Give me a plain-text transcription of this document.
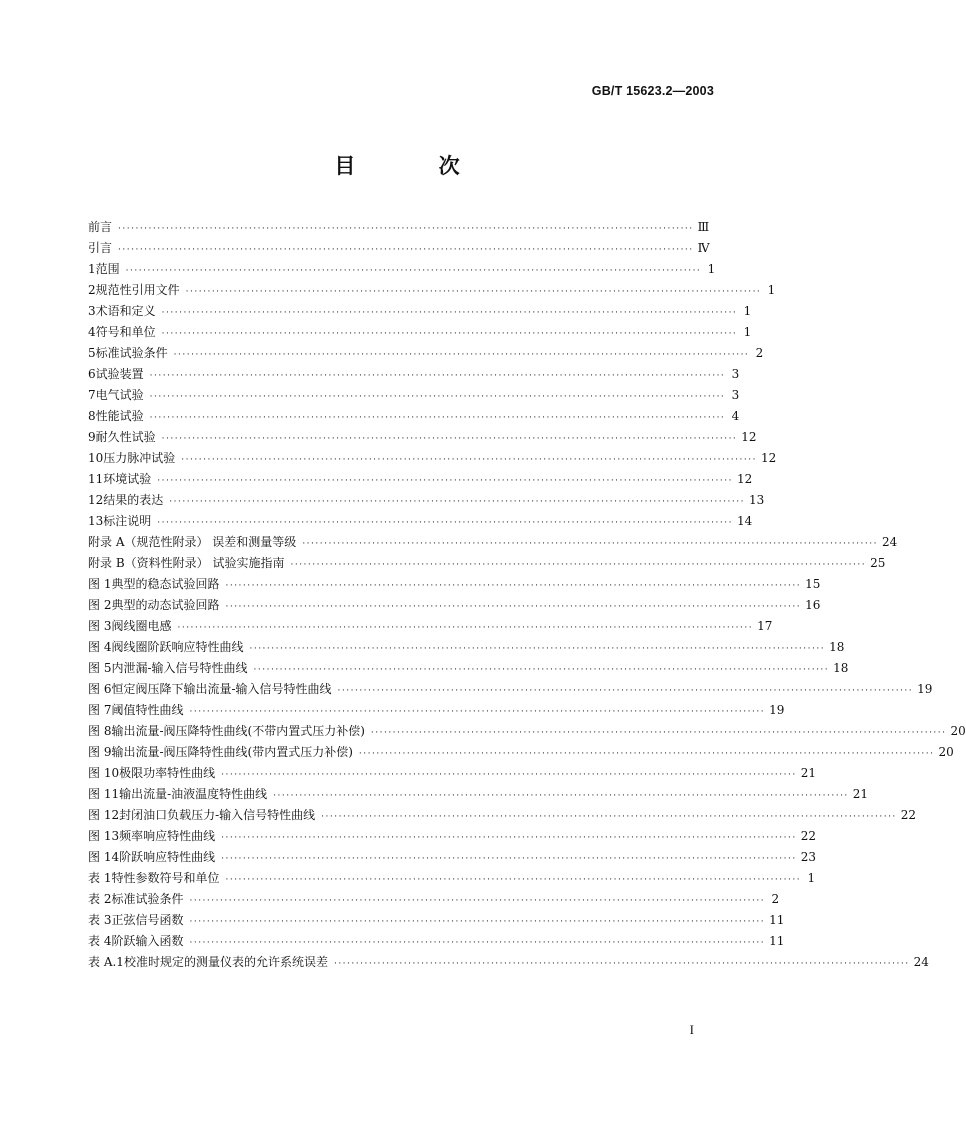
GB/T 15623.2—2003
目 次
前言 ···································································································································· Ⅲ
引言 ···································································································································· Ⅳ
1 范围 ···································································································································· 1
2 规范性引用文件 ···································································································································· 1
3 术语和定义 ···································································································································· 1
4 符号和单位 ···································································································································· 1
5 标准试验条件 ···································································································································· 2
6 试验装置 ···································································································································· 3
7 电气试验 ···································································································································· 3
8 性能试验 ···································································································································· 4
9 耐久性试验 ···································································································································· 12
10 压力脉冲试验 ···································································································································· 12
11 环境试验 ···································································································································· 12
12 结果的表达 ···································································································································· 13
13 标注说明 ···································································································································· 14
附录 A （规范性附录） 误差和测量等级 ···································································································································· 24
附录 B （资料性附录） 试验实施指南 ···································································································································· 25
图 1 典型的稳态试验回路 ···································································································································· 15
图 2 典型的动态试验回路 ···································································································································· 16
图 3 阀线圈电感 ···································································································································· 17
图 4 阀线圈阶跃响应特性曲线 ···································································································································· 18
图 5 内泄漏-输入信号特性曲线 ···································································································································· 18
图 6 恒定阀压降下输出流量-输入信号特性曲线 ···································································································································· 19
图 7 阈值特性曲线 ···································································································································· 19
图 8 输出流量-阀压降特性曲线(不带内置式压力补偿) ···································································································································· 20
图 9 输出流量-阀压降特性曲线(带内置式压力补偿) ···································································································································· 20
图 10 极限功率特性曲线 ···································································································································· 21
图 11 输出流量-油液温度特性曲线 ···································································································································· 21
图 12 封闭油口负载压力-输入信号特性曲线 ···································································································································· 22
图 13 频率响应特性曲线 ···································································································································· 22
图 14 阶跃响应特性曲线 ···································································································································· 23
表 1 特性参数符号和单位 ···································································································································· 1
表 2 标准试验条件 ···································································································································· 2
表 3 正弦信号函数 ···································································································································· 11
表 4 阶跃输入函数 ···································································································································· 11
表 A.1 校准时规定的测量仪表的允许系统误差 ···································································································································· 24
I
